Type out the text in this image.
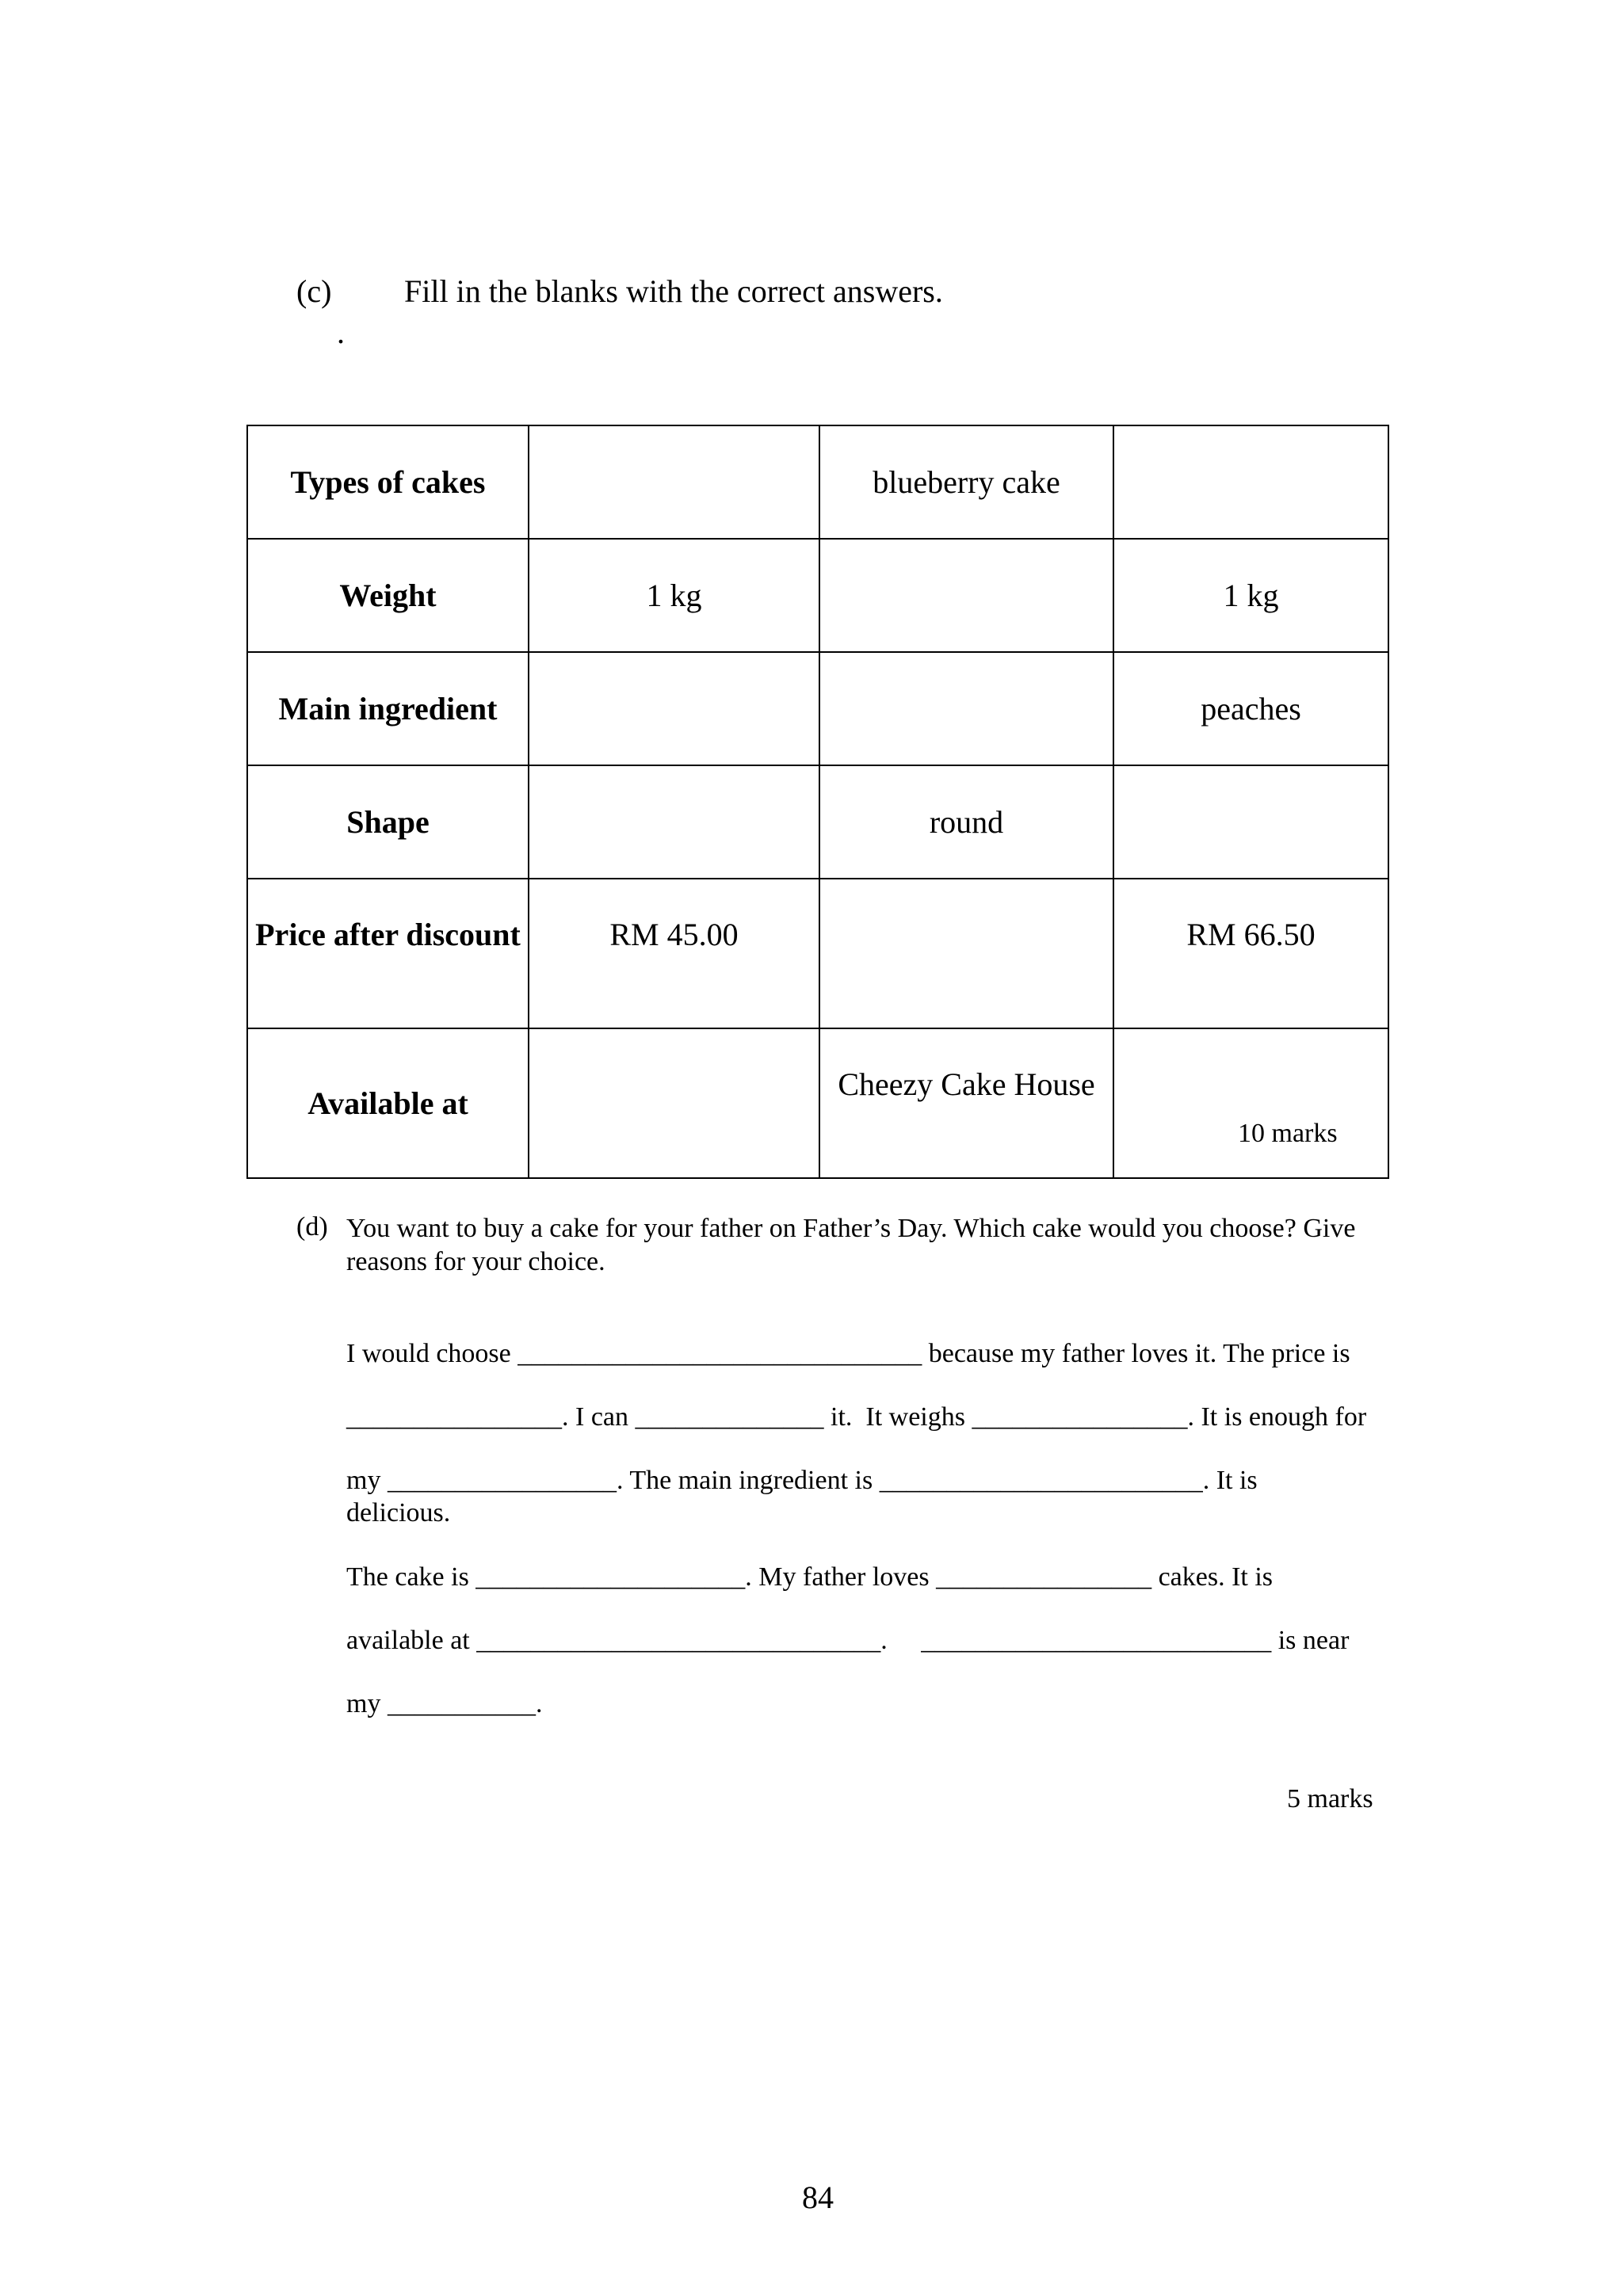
(c) Fill in the blanks with the correct answers.
.
Types of cakes		blueberry cake	
Weight	1 kg		1 kg
Main ingredient			peaches
Shape		round	
Price after discount	RM 45.00		RM 66.50
Available at		Cheezy Cake House	
10 marks
(d) You want to buy a cake for your father on Father’s Day. Which cake would you choose? Give reasons for your choice.
I would choose ______________________________ because my father loves it. The price is
________________. I can ______________ it.  It weighs ________________. It is enough for
my _________________. The main ingredient is ________________________. It is
delicious.
The cake is ____________________. My father loves ________________ cakes. It is
available at ______________________________.     __________________________ is near
my ___________.
5 marks
84
